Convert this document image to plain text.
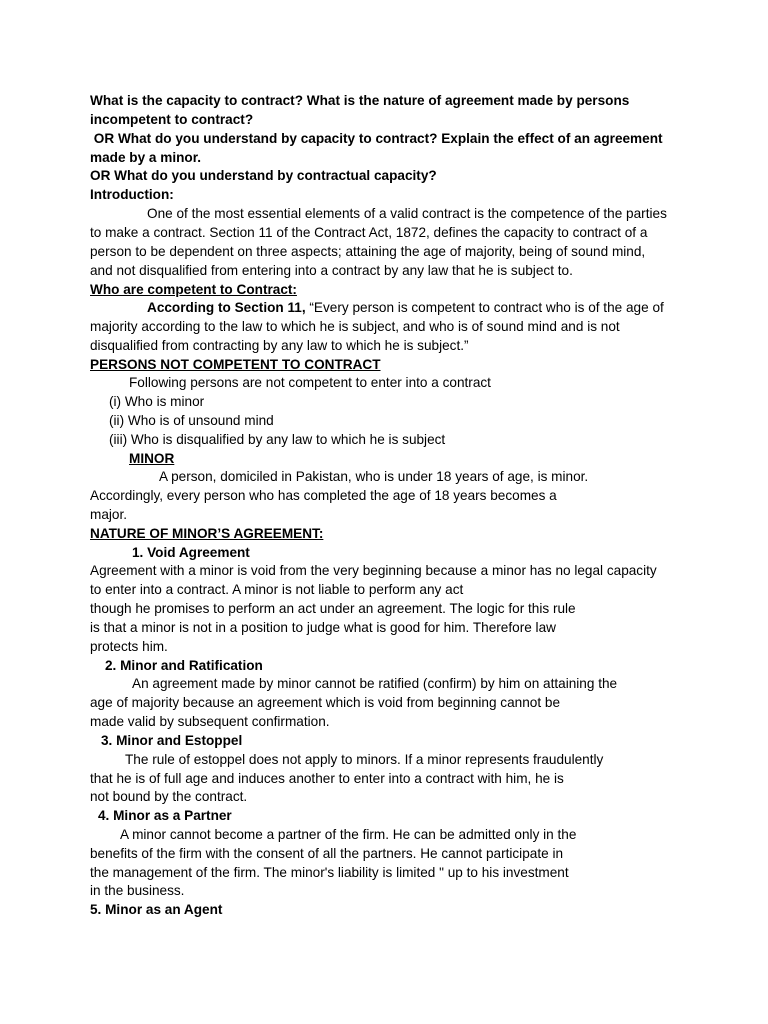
What is the capacity to contract? What is the nature of agreement made by persons
incompetent to contract?
OR What do you understand by capacity to contract? Explain the effect of an agreement
made by a minor.
OR What do you understand by contractual capacity?
Introduction:
One of the most essential elements of a valid contract is the competence of the parties
to make a contract. Section 11 of the Contract Act, 1872, defines the capacity to contract of a
person to be dependent on three aspects; attaining the age of majority, being of sound mind,
and not disqualified from entering into a contract by any law that he is subject to.
Who are competent to Contract:
According to Section 11, “Every person is competent to contract who is of the age of
majority according to the law to which he is subject, and who is of sound mind and is not
disqualified from contracting by any law to which he is subject.”
PERSONS NOT COMPETENT TO CONTRACT
Following persons are not competent to enter into a contract
(i) Who is minor
(ii) Who is of unsound mind
(iii) Who is disqualified by any law to which he is subject
MINOR
A person, domiciled in Pakistan, who is under 18 years of age, is minor.
Accordingly, every person who has completed the age of 18 years becomes a
major.
NATURE OF MINOR’S AGREEMENT:
1. Void Agreement
Agreement with a minor is void from the very beginning because a minor has no legal capacity
to enter into a contract. A minor is not liable to perform any act
though he promises to perform an act under an agreement. The logic for this rule
is that a minor is not in a position to judge what is good for him. Therefore law
protects him.
2. Minor and Ratification
An agreement made by minor cannot be ratified (confirm) by him on attaining the
age of majority because an agreement which is void from beginning cannot be
made valid by subsequent confirmation.
3. Minor and Estoppel
The rule of estoppel does not apply to minors. If a minor represents fraudulently
that he is of full age and induces another to enter into a contract with him, he is
not bound by the contract.
4. Minor as a Partner
A minor cannot become a partner of the firm. He can be admitted only in the
benefits of the firm with the consent of all the partners. He cannot participate in
the management of the firm. The minor's liability is limited " up to his investment
in the business.
5. Minor as an Agent
